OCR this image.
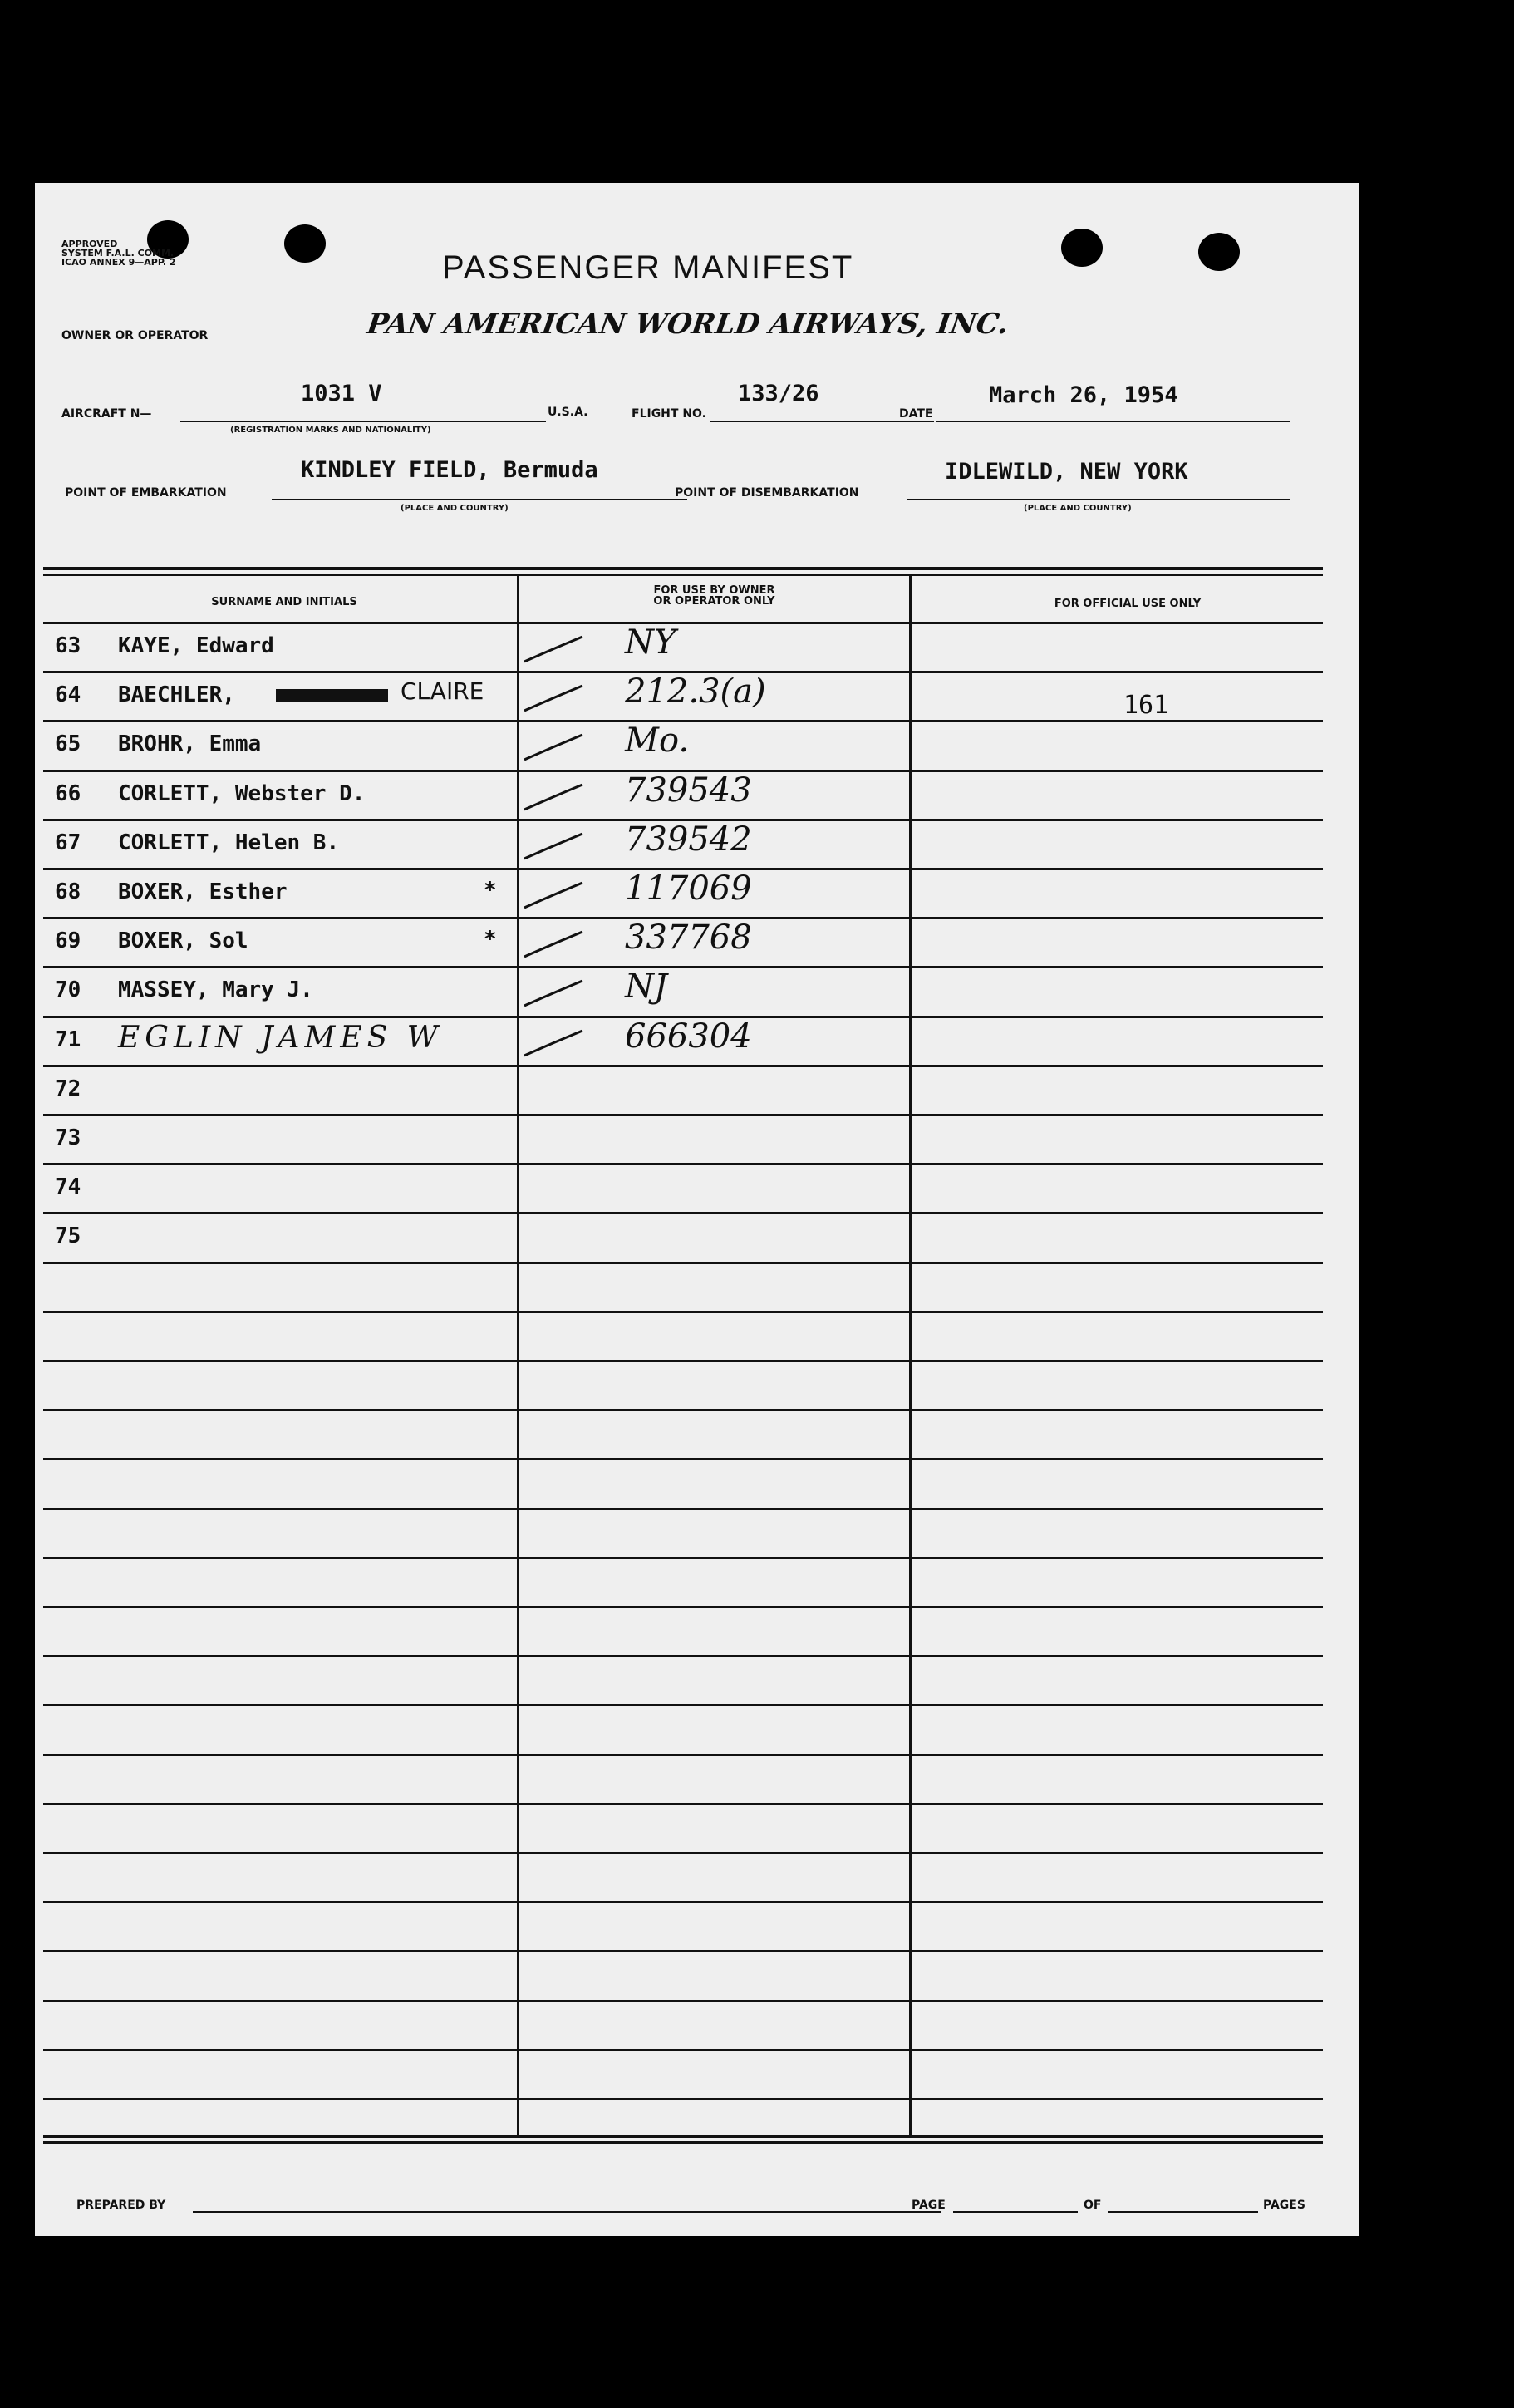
APPROVED
SYSTEM F.A.L. COMM.
ICAO ANNEX 9—APP. 2	PASSENGER MANIFEST
OWNER OR OPERATOR	PAN AMERICAN WORLD AIRWAYS, INC.
AIRCRAFT N—
1031 V
(REGISTRATION MARKS AND NATIONALITY)
U.S.A.	FLIGHT NO.
133/26
DATE
March 26, 1954
POINT OF EMBARKATION
KINDLEY FIELD, Bermuda
(PLACE AND COUNTRY)
POINT OF DISEMBARKATION
IDLEWILD, NEW YORK
(PLACE AND COUNTRY)
SURNAME AND INITIALS
FOR USE BY OWNER
OR OPERATOR ONLY	FOR OFFICIAL USE ONLY
63 KAYE, Edward	NY
64 BAECHLER,	CLAIRE	212.3(a)	161
65 BROHR, Emma	Mo.
66 CORLETT, Webster D.	739543
67 CORLETT, Helen B.	739542
68 BOXER, Esther	*	117069
69 BOXER, Sol	*	337768
70 MASSEY, Mary J.	NJ
71 EGLIN JAMES W	666304
72
73
74
75
PREPARED BY	PAGE	OF	PAGES
